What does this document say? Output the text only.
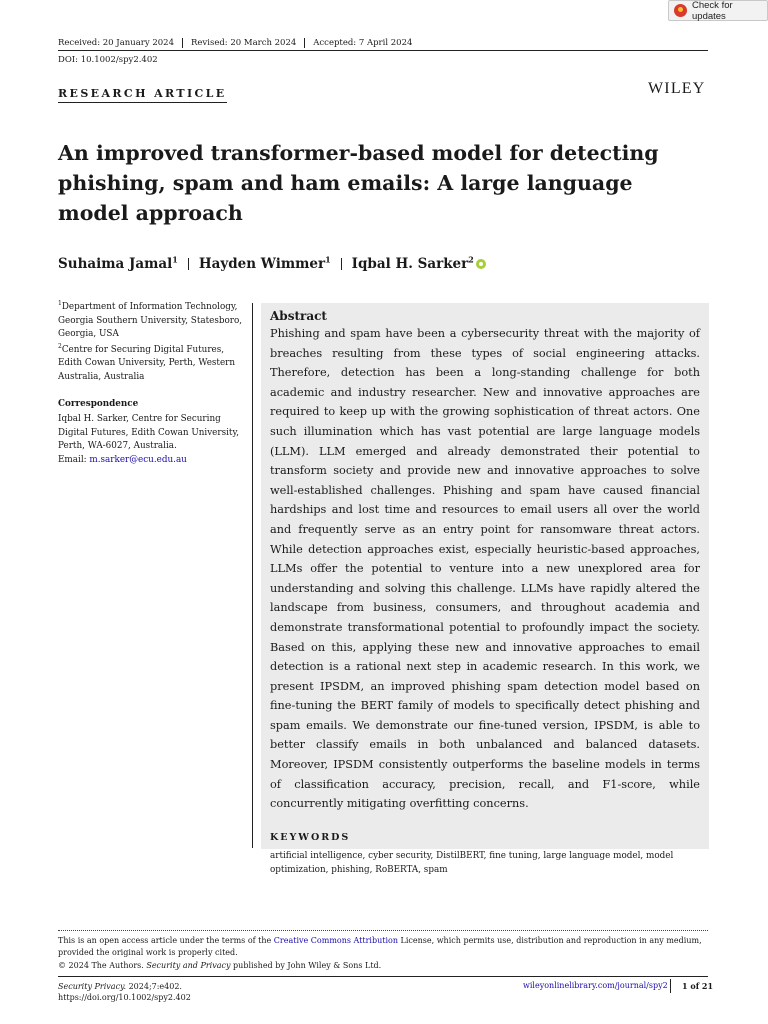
Check for updates
Received: 20 January 2024	Revised: 20 March 2024	Accepted: 7 April 2024
DOI: 10.1002/spy2.402
RESEARCH ARTICLE	WILEY
An improved transformer-based model for detecting phishing, spam and ham emails: A large language model approach
Suhaima Jamal$^1$ Hayden Wimmer$^1$ Iqbal H. Sarker$^2$

$^1$Department of Information Technology, Georgia Southern University, Statesboro, Georgia, USA

$^2$Centre for Securing Digital Futures, Edith Cowan University, Perth, Western Australia, Australia

Correspondence

Iqbal H. Sarker, Centre for Securing Digital Futures, Edith Cowan University, Perth, WA-6027, Australia.
Email: m.sarker@ecu.edu.au

Abstract

Phishing and spam have been a cybersecurity threat with the majority of breaches resulting from these types of social engineering attacks. Therefore, detection has been a long-standing challenge for both academic and industry researcher. New and innovative approaches are required to keep up with the growing sophistication of threat actors. One such illumination which has vast potential are large language models (LLM). LLM emerged and already demonstrated their potential to transform society and provide new and innovative approaches to solve well-established challenges. Phishing and spam have caused financial hardships and lost time and resources to email users all over the world and frequently serve as an entry point for ransomware threat actors. While detection approaches exist, especially heuristic-based approaches, LLMs offer the potential to venture into a new unexplored area for understanding and solving this challenge. LLMs have rapidly altered the landscape from business, consumers, and throughout academia and demonstrate transformational potential to profoundly impact the society. Based on this, applying these new and innovative approaches to email detection is a rational next step in academic research. In this work, we present IPSDM, an improved phishing spam detection model based on fine-tuning the BERT family of models to specifically detect phishing and spam emails. We demonstrate our fine-tuned version, IPSDM, is able to better classify emails in both unbalanced and balanced datasets. Moreover, IPSDM consistently outperforms the baseline models in terms of classification accuracy, precision, recall, and F1-score, while concurrently mitigating overfitting concerns.

KEYWORDS

artificial intelligence, cyber security, DistilBERT, fine tuning, large language model, model optimization, phishing, RoBERTA, spam

This is an open access article under the terms of the Creative Commons Attribution License, which permits use, distribution and reproduction in any medium, provided the original work is properly cited.
© 2024 The Authors. Security and Privacy published by John Wiley & Sons Ltd.
Security Privacy. 2024;7:e402.
https://doi.org/10.1002/spy2.402
wileyonlinelibrary.com/journal/spy2 1 of 21
